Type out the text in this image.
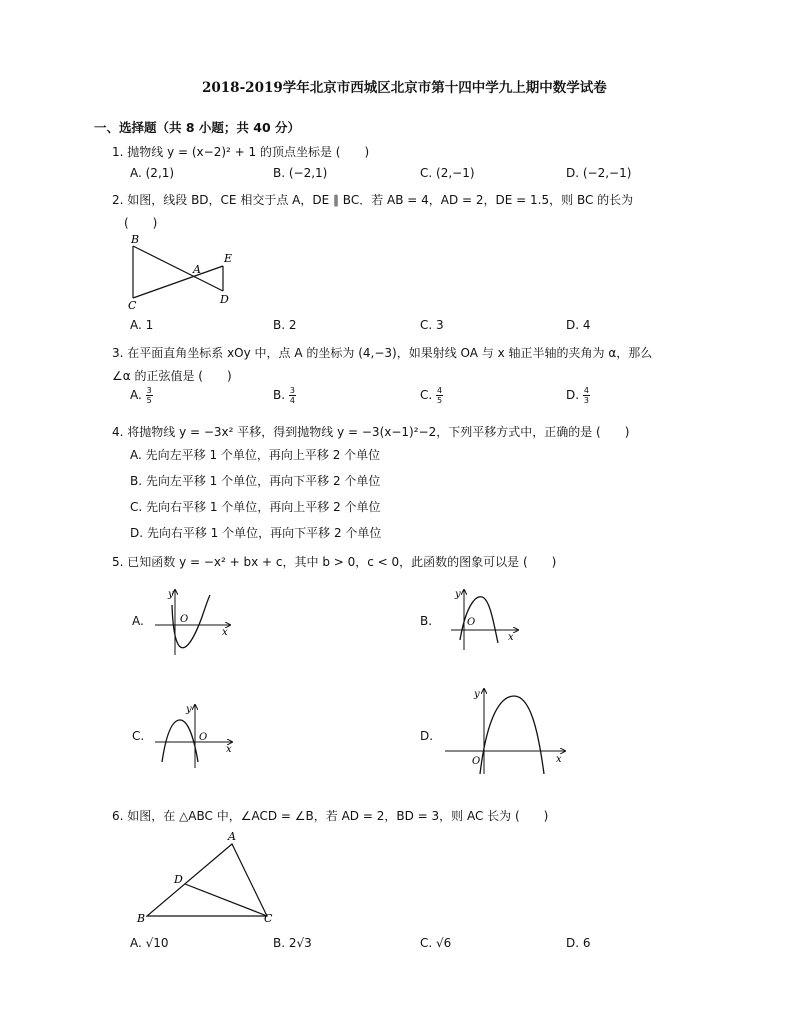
2018-2019学年北京市西城区北京市第十四中学九上期中数学试卷
一、选择题（共 8 小题；共 40 分）
1. 抛物线 y = (x−2)² + 1 的顶点坐标是 (　　)
A. (2,1)	B. (−2,1)	C. (2,−1)	D. (−2,−1)
2. 如图，线段 BD，CE 相交于点 A，DE ∥ BC．若 AB = 4，AD = 2，DE = 1.5，则 BC 的长为
(　　)
B
A
E
C	D
A. 1	B. 2	C. 3	D. 4
3. 在平面直角坐标系 xOy 中，点 A 的坐标为 (4,−3)，如果射线 OA 与 x 轴正半轴的夹角为 α，那么
∠α 的正弦值是 (　　)
A. $\frac{3}{5}$	B. $\frac{3}{4}$	C. $\frac{4}{5}$	D. $\frac{4}{3}$
4. 将抛物线 y = −3x² 平移，得到抛物线 y = −3(x−1)²−2，下列平移方式中，正确的是 (　　)
A. 先向左平移 1 个单位，再向上平移 2 个单位
B. 先向左平移 1 个单位，再向下平移 2 个单位
C. 先向右平移 1 个单位，再向上平移 2 个单位
D. 先向右平移 1 个单位，再向下平移 2 个单位
5. 已知函数 y = −x² + bx + c，其中 b > 0，c < 0，此函数的图象可以是 (　　)
A.
y
O
x
B.
y
O
x
C.
y
O
x
D.
y
O	x
6. 如图，在 △ABC 中，∠ACD = ∠B，若 AD = 2，BD = 3，则 AC 长为 (　　)
A
D
B	C
A. √10	B. 2√3	C. √6	D. 6
